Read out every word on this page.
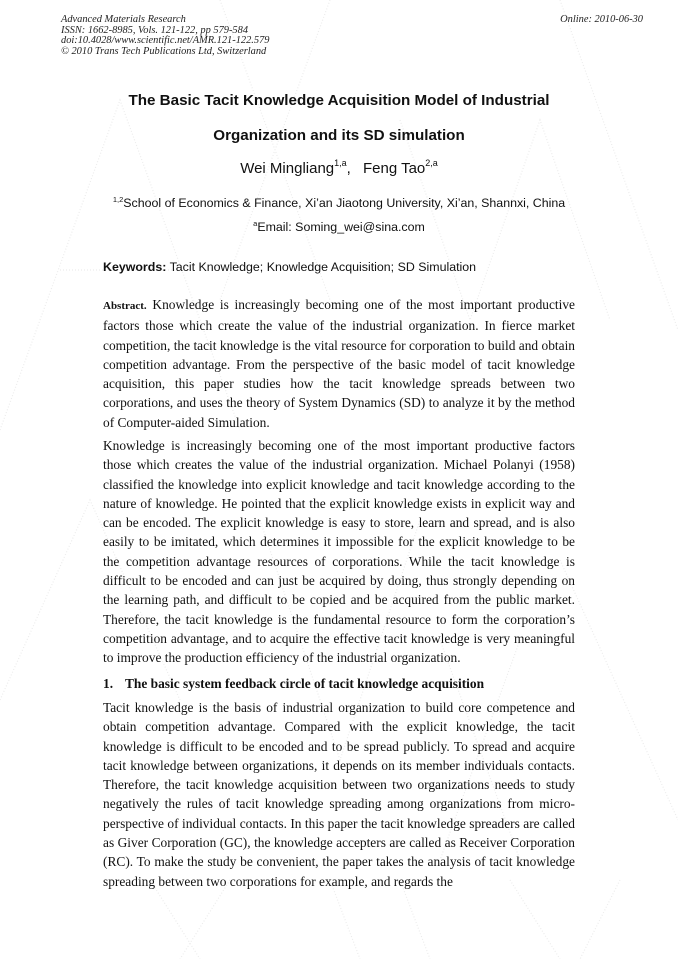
Advanced Materials Research
ISSN: 1662-8985, Vols. 121-122, pp 579-584
doi:10.4028/www.scientific.net/AMR.121-122.579
© 2010 Trans Tech Publications Ltd, Switzerland
Online: 2010-06-30
The Basic Tacit Knowledge Acquisition Model of Industrial
Organization and its SD simulation
Wei Mingliang$^{1,a}$, Feng Tao$^{2,a}$
$^{1,2}$School of Economics & Finance, Xi’an Jiaotong University, Xi’an, Shannxi, China
$^a$Email: Soming_wei@sina.com
Keywords: Tacit Knowledge; Knowledge Acquisition; SD Simulation
Abstract. Knowledge is increasingly becoming one of the most important productive factors those which create the value of the industrial organization. In fierce market competition, the tacit knowledge is the vital resource for corporation to build and obtain competition advantage. From the perspective of the basic model of tacit knowledge acquisition, this paper studies how the tacit knowledge spreads between two corporations, and uses the theory of System Dynamics (SD) to analyze it by the method of Computer-aided Simulation.
Knowledge is increasingly becoming one of the most important productive factors those which creates the value of the industrial organization. Michael Polanyi (1958) classified the knowledge into explicit knowledge and tacit knowledge according to the nature of knowledge. He pointed that the explicit knowledge exists in explicit way and can be encoded. The explicit knowledge is easy to store, learn and spread, and is also easily to be imitated, which determines it impossible for the explicit knowledge to be the competition advantage resources of corporations. While the tacit knowledge is difficult to be encoded and can just be acquired by doing, thus strongly depending on the learning path, and difficult to be copied and be acquired from the public market. Therefore, the tacit knowledge is the fundamental resource to form the corporation’s competition advantage, and to acquire the effective tacit knowledge is very meaningful to improve the production efficiency of the industrial organization.
1. The basic system feedback circle of tacit knowledge acquisition
Tacit knowledge is the basis of industrial organization to build core competence and obtain competition advantage. Compared with the explicit knowledge, the tacit knowledge is difficult to be encoded and to be spread publicly. To spread and acquire tacit knowledge between organizations, it depends on its member individuals contacts. Therefore, the tacit knowledge acquisition between two organizations needs to study negatively the rules of tacit knowledge spreading among organizations from micro-perspective of individual contacts. In this paper the tacit knowledge spreaders are called as Giver Corporation (GC), the knowledge accepters are called as Receiver Corporation (RC). To make the study be convenient, the paper takes the analysis of tacit knowledge spreading between two corporations for example, and regards the
